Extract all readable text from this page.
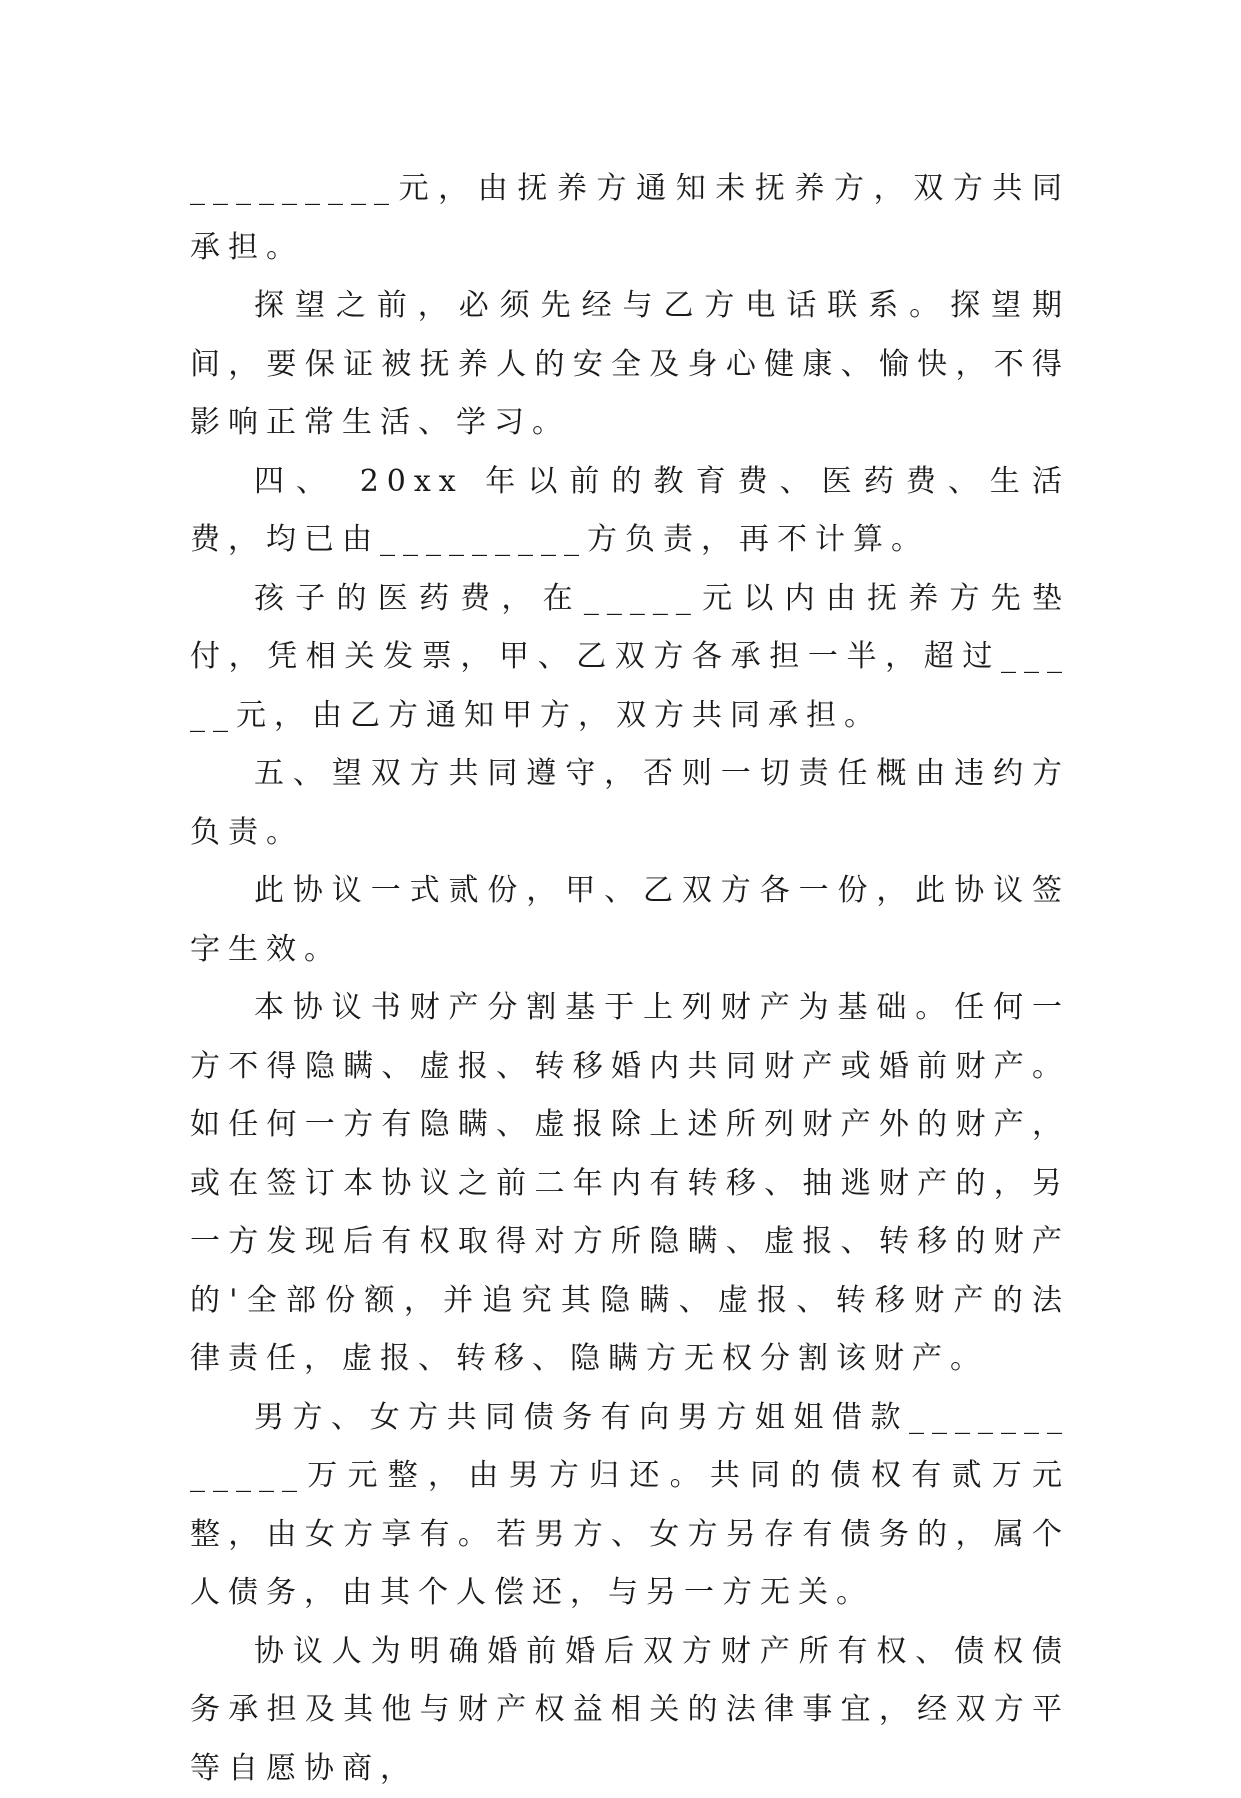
_________元，由抚养方通知未抚养方，双方共同承担。

探望之前，必须先经与乙方电话联系。探望期间，要保证被抚养人的安全及身心健康、愉快，不得影响正常生活、学习。

四、 20xx 年以前的教育费、医药费、生活费，均已由_________方负责，再不计算。

孩子的医药费，在_____元以内由抚养方先垫付，凭相关发票，甲、乙双方各承担一半，超过_____元，由乙方通知甲方，双方共同承担。

五、望双方共同遵守，否则一切责任概由违约方负责。

此协议一式贰份，甲、乙双方各一份，此协议签字生效。

本协议书财产分割基于上列财产为基础。任何一方不得隐瞒、虚报、转移婚内共同财产或婚前财产。如任何一方有隐瞒、虚报除上述所列财产外的财产，或在签订本协议之前二年内有转移、抽逃财产的，另一方发现后有权取得对方所隐瞒、虚报、转移的财产的'全部份额，并追究其隐瞒、虚报、转移财产的法律责任，虚报、转移、隐瞒方无权分割该财产。

男方、女方共同债务有向男方姐姐借款____________万元整，由男方归还。共同的债权有贰万元整，由女方享有。若男方、女方另存有债务的，属个人债务，由其个人偿还，与另一方无关。

协议人为明确婚前婚后双方财产所有权、债权债务承担及其他与财产权益相关的法律事宜，经双方平等自愿协商，
